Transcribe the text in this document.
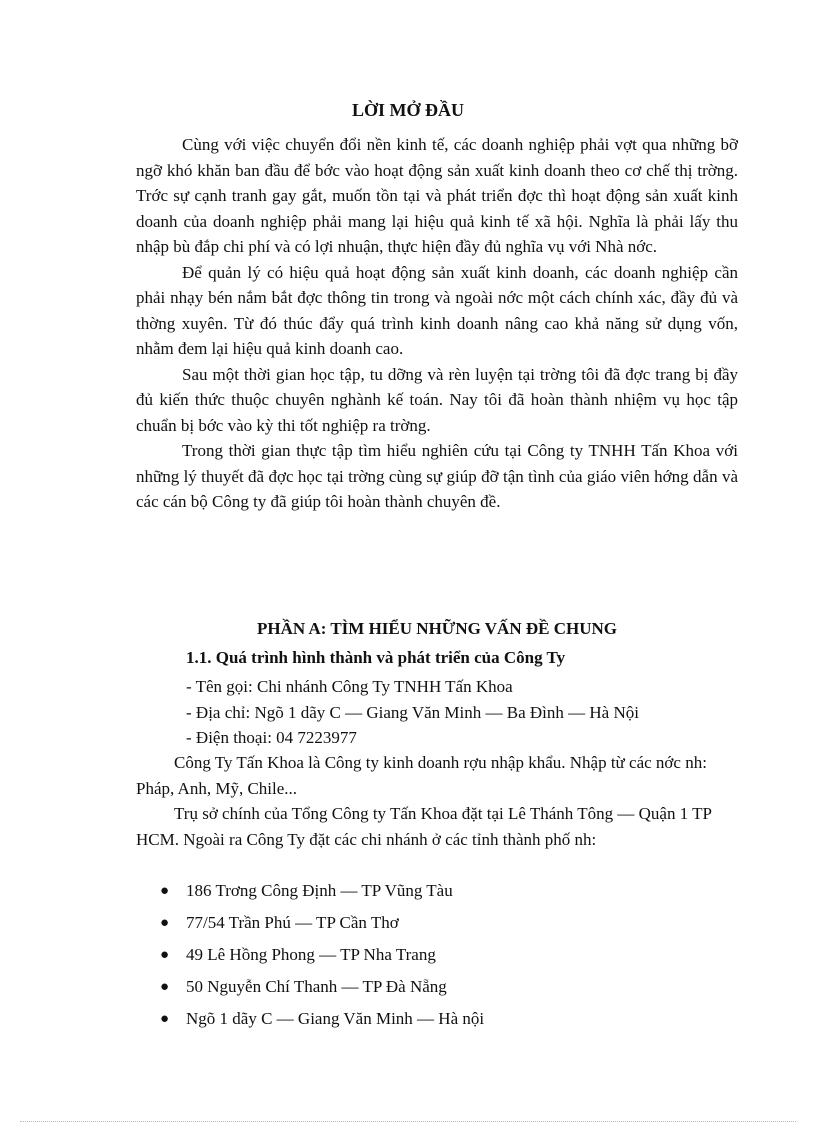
LỜI MỞ ĐẦU

Cùng với việc chuyển đổi nền kinh tế, các doanh nghiệp phải vợt qua những bỡ ngỡ khó khăn ban đầu để bớc vào hoạt động sản xuất kinh doanh theo cơ chế thị trờng. Trớc sự cạnh tranh gay gắt, muốn tồn tại và phát triển đợc thì hoạt động sản xuất kinh doanh của doanh nghiệp phải mang lại hiệu quả kinh tế xã hội. Nghĩa là phải lấy thu nhập bù đắp chi phí và có lợi nhuận, thực hiện đầy đủ nghĩa vụ với Nhà nớc.

Để quản lý có hiệu quả hoạt động sản xuất kinh doanh, các doanh nghiệp cần phải nhạy bén nắm bắt đợc thông tin trong và ngoài nớc một cách chính xác, đầy đủ và thờng xuyên. Từ đó thúc đẩy quá trình kinh doanh nâng cao khả năng sử dụng vốn, nhằm đem lại hiệu quả kinh doanh cao.

Sau một thời gian học tập, tu dỡng và rèn luyện tại trờng tôi đã đợc trang bị đầy đủ kiến thức thuộc chuyên nghành kế toán. Nay tôi đã hoàn thành nhiệm vụ học tập chuẩn bị bớc vào kỳ thi tốt nghiệp ra trờng.

Trong thời gian thực tập tìm hiểu nghiên cứu tại Công ty TNHH Tấn Khoa với những lý thuyết đã đợc học tại trờng cùng sự giúp đỡ tận tình của giáo viên hớng dẫn và các cán bộ Công ty đã giúp tôi hoàn thành chuyên đề.

PHẦN A: TÌM HIỂU NHỮNG VẤN ĐỀ CHUNG
1.1. Quá trình hình thành và phát triển của Công Ty
- Tên gọi: Chi nhánh Công Ty TNHH Tấn Khoa
- Địa chỉ: Ngõ 1 dãy C — Giang Văn Minh — Ba Đình — Hà Nội
- Điện thoại: 04 7223977

Công Ty Tấn Khoa là Công ty kinh doanh rợu nhập khẩu. Nhập từ các nớc nh: Pháp, Anh, Mỹ, Chile...

Trụ sở chính của Tổng Công ty Tấn Khoa đặt tại Lê Thánh Tông — Quận 1 TP HCM. Ngoài ra Công Ty đặt các chi nhánh ở các tỉnh thành phố nh:

● 186 Trơng Công Định — TP Vũng Tàu
● 77/54 Trần Phú — TP Cần Thơ
● 49 Lê Hồng Phong — TP Nha Trang
● 50 Nguyễn Chí Thanh — TP Đà Nẵng
● Ngõ 1 dãy C — Giang Văn Minh — Hà nội
